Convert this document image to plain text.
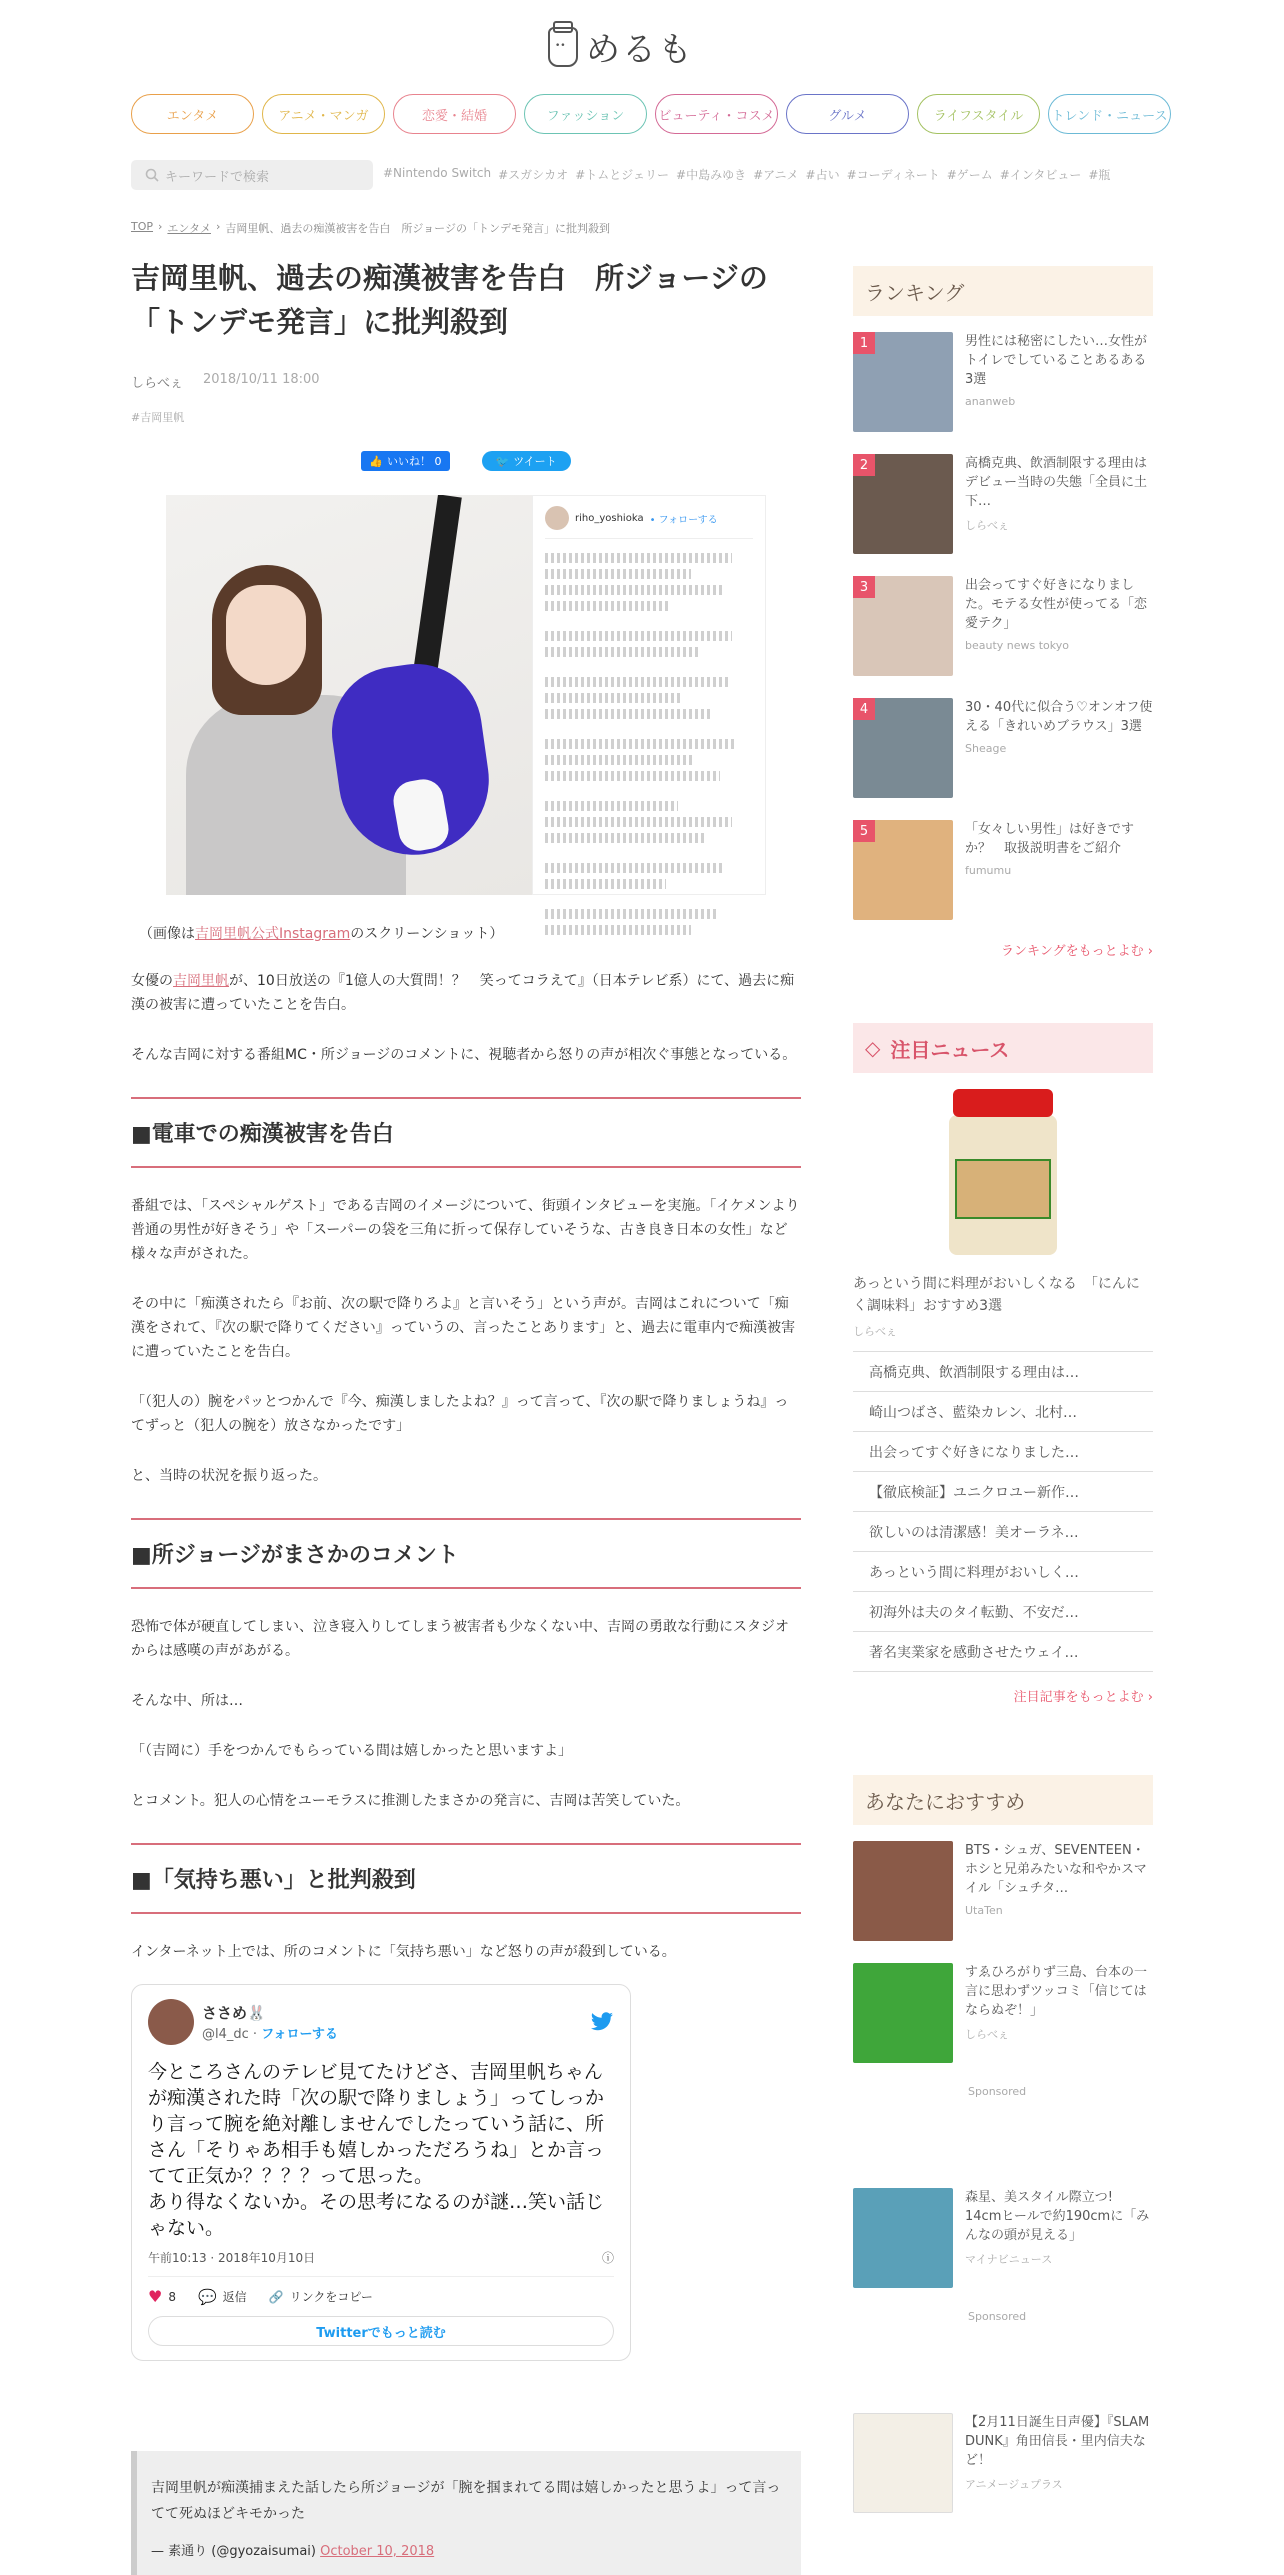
••
めるも
エンタメ	アニメ・マンガ	恋愛・結婚	ファッション	ビューティ・コスメ	グルメ	ライフスタイル	トレンド・ニュース
キーワードで検索	#Nintendo Switch #スガシカオ #トムとジェリー #中島みゆき #アニメ #占い #コーディネート #ゲーム #インタビュー #瓶
TOP › エンタメ › 吉岡里帆、過去の痴漢被害を告白　所ジョージの「トンデモ発言」に批判殺到
吉岡里帆、過去の痴漢被害を告白　所ジョージの「トンデモ発言」に批判殺到
しらべぇ 2018/10/11 18:00
#吉岡里帆
👍 いいね！ 0	🐦 ツイート
riho_yoshioka • フォローする
（画像は吉岡里帆公式Instagramのスクリーンショット）

女優の吉岡里帆が、10日放送の『1億人の大質問！？　笑ってコラえて』（日本テレビ系）にて、過去に痴漢の被害に遭っていたことを告白。

そんな吉岡に対する番組MC・所ジョージのコメントに、視聴者から怒りの声が相次ぐ事態となっている。

■電車での痴漢被害を告白

番組では、「スペシャルゲスト」である吉岡のイメージについて、街頭インタビューを実施。「イケメンより普通の男性が好きそう」や「スーパーの袋を三角に折って保存していそうな、古き良き日本の女性」など様々な声がされた。

その中に「痴漢されたら『お前、次の駅で降りろよ』と言いそう」という声が。吉岡はこれについて「痴漢をされて、『次の駅で降りてください』っていうの、言ったことあります」と、過去に電車内で痴漢被害に遭っていたことを告白。

「（犯人の）腕をパッとつかんで『今、痴漢しましたよね？』って言って、『次の駅で降りましょうね』ってずっと（犯人の腕を）放さなかったです」

と、当時の状況を振り返った。

■所ジョージがまさかのコメント

恐怖で体が硬直してしまい、泣き寝入りしてしまう被害者も少なくない中、吉岡の勇敢な行動にスタジオからは感嘆の声があがる。

そんな中、所は…

「（吉岡に）手をつかんでもらっている間は嬉しかったと思いますよ」

とコメント。犯人の心情をユーモラスに推測したまさかの発言に、吉岡は苦笑していた。

■「気持ち悪い」と批判殺到

インターネット上では、所のコメントに「気持ち悪い」など怒りの声が殺到している。

ささめ🐰
@l4_dc · フォローする
今ところさんのテレビ見てたけどさ、吉岡里帆ちゃんが痴漢された時「次の駅で降りましょう」ってしっかり言って腕を絶対離しませんでしたっていう話に、所さん「そりゃあ相手も嬉しかっただろうね」とか言ってて正気か？？？？って思った。
あり得なくないか。その思考になるのが謎…笑い話じゃない。
午前10:13 · 2018年10月10日	ⓘ
♥ 8 💬 返信 🔗 リンクをコピー
Twitterでもっと読む
吉岡里帆が痴漢捕まえた話したら所ジョージが「腕を掴まれてる間は嬉しかったと思うよ」って言ってて死ぬほどキモかった
— 素通り (@gyozaisumai) October 10, 2018
ランキング
1	男性には秘密にしたい…女性がトイレでしていることあるある3選
ananweb
2	高橋克典、飲酒制限する理由はデビュー当時の失態「全員に土下…
しらべぇ
3	出会ってすぐ好きになりました。モテる女性が使ってる「恋愛テク」
beauty news tokyo
4	30・40代に似合う♡オンオフ使える「きれいめブラウス」3選
Sheage
5	「女々しい男性」は好きですか？　取扱説明書をご紹介
fumumu
ランキングをもっとよむ ›
◇ 注目ニュース
あっという間に料理がおいしくなる　「にんにく調味料」おすすめ3選
しらべぇ
高橋克典、飲酒制限する理由は…
崎山つばさ、藍染カレン、北村…
出会ってすぐ好きになりました…
【徹底検証】ユニクロユー新作…
欲しいのは清潔感！美オーラネ…
あっという間に料理がおいしく…
初海外は夫のタイ転勤、不安だ…
著名実業家を感動させたウェイ…
注目記事をもっとよむ ›
あなたにおすすめ
BTS・シュガ、SEVENTEEN・ホシと兄弟みたいな和やかスマイル「シュチタ…
UtaTen
すゑひろがりず三島、台本の一言に思わずツッコミ「信じてはならぬぞ！」
しらべぇ
Sponsored
森星、美スタイル際立つ! 14cmヒールで約190cmに「みんなの頭が見える」
マイナビニュース
Sponsored
【2月11日誕生日声優】『SLAM DUNK』角田信長・里内信夫など！
アニメージュプラス
